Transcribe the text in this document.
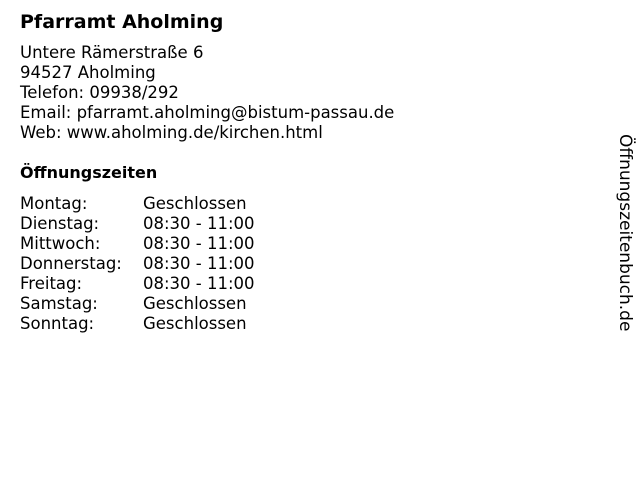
Pfarramt Aholming
Untere Rämerstraße 6
94527 Aholming
Telefon: 09938/292
Email: pfarramt.aholming@bistum-passau.de
Web: www.aholming.de/kirchen.html
Öffnungszeiten
Montag:	Geschlossen
Dienstag:	08:30 - 11:00
Mittwoch:	08:30 - 11:00
Donnerstag: 08:30 - 11:00
Freitag:	08:30 - 11:00
Samstag:	Geschlossen
Sonntag:	Geschlossen	Öffnungszeitenbuch.de
